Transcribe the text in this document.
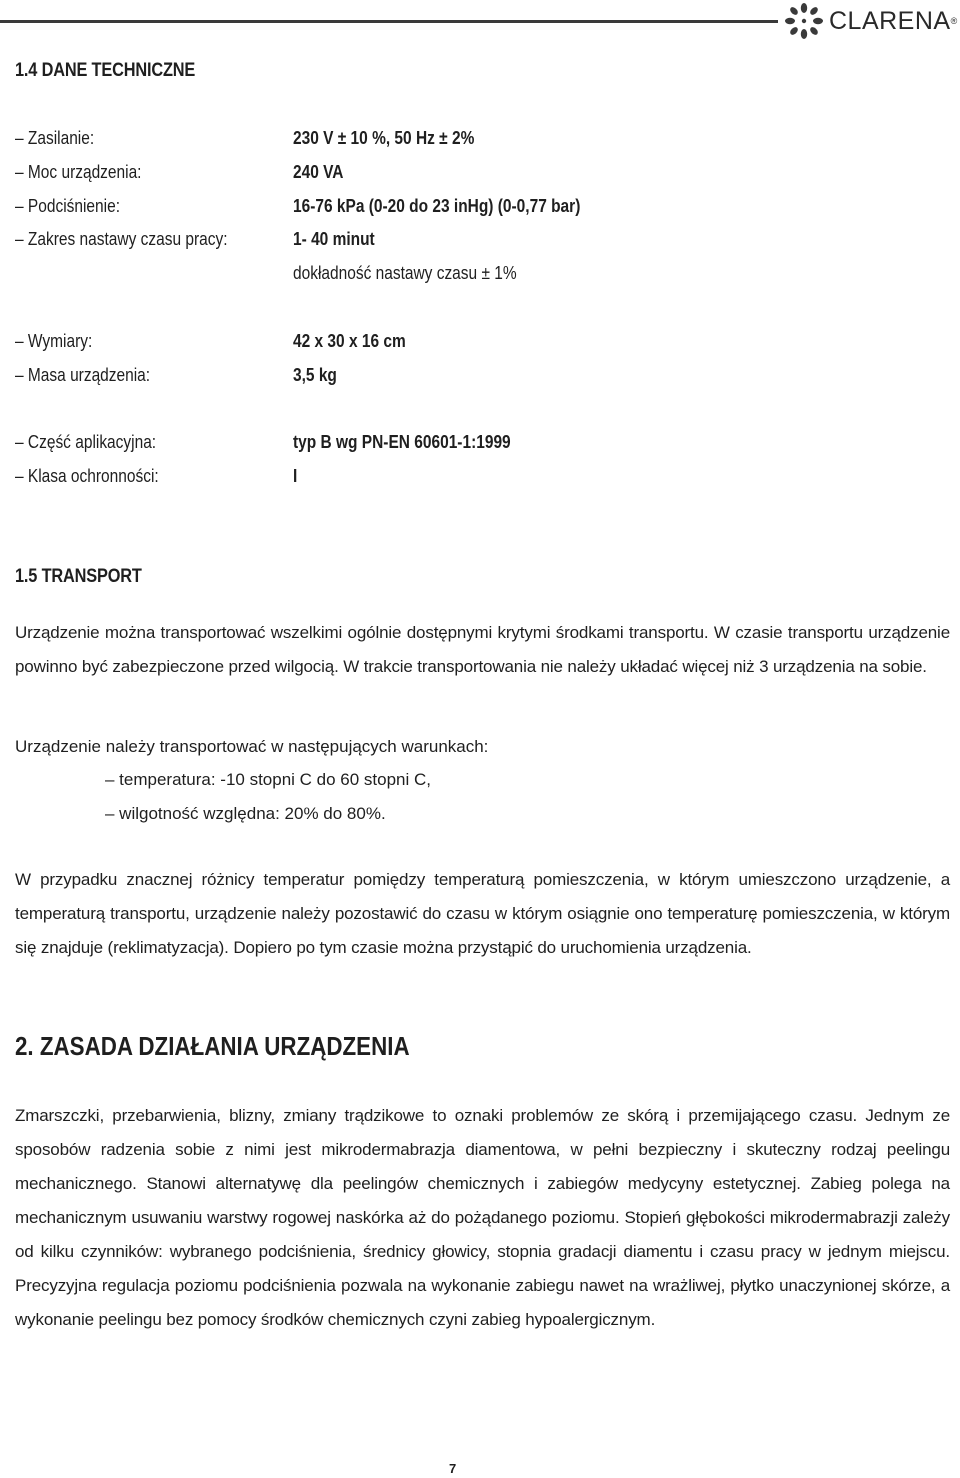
CLARENA ®
1.4 DANE TECHNICZNE
– Zasilanie:	230 V ± 10 %, 50 Hz ± 2%
– Moc urządzenia:	240 VA
– Podciśnienie:	16-76 kPa (0-20 do 23 inHg) (0-0,77 bar)
– Zakres nastawy czasu pracy:	1- 40 minut
dokładność nastawy czasu ± 1%
– Wymiary:	42 x 30 x 16 cm
– Masa urządzenia:	3,5 kg
– Część aplikacyjna:	typ B wg PN-EN 60601-1:1999
– Klasa ochronności:	I
1.5 TRANSPORT

Urządzenie można transportować wszelkimi ogólnie dostępnymi krytymi środkami transportu. W czasie transportu urządzenie powinno być zabezpieczone przed wilgocią. W trakcie transportowania nie należy układać więcej niż 3 urządzenia na sobie.

Urządzenie należy transportować w następujących warunkach:

– temperatura: -10 stopni C do 60 stopni C,
– wilgotność względna: 20% do 80%.

W przypadku znacznej różnicy temperatur pomiędzy temperaturą pomieszczenia, w którym umieszczono urządzenie, a temperaturą transportu, urządzenie należy pozostawić do czasu w którym osiągnie ono temperaturę pomieszczenia, w którym się znajduje (reklimatyzacja). Dopiero po tym czasie można przystąpić do uruchomienia urządzenia.

2. ZASADA DZIAŁANIA URZĄDZENIA

Zmarszczki, przebarwienia, blizny, zmiany trądzikowe to oznaki problemów ze skórą i przemijającego czasu. Jednym ze sposobów radzenia sobie z nimi jest mikrodermabrazja diamentowa, w pełni bezpieczny i skuteczny rodzaj peelingu mechanicznego. Stanowi alternatywę dla peelingów chemicznych i zabiegów medycyny estetycznej. Zabieg polega na mechanicznym usuwaniu warstwy rogowej naskórka aż do pożądanego poziomu. Stopień głębokości mikrodermabrazji zależy od kilku czynników: wybranego podciśnienia, średnicy głowicy, stopnia gradacji diamentu i czasu pracy w jednym miejscu. Precyzyjna regulacja poziomu podciśnienia pozwala na wykonanie zabiegu nawet na wrażliwej, płytko unaczynionej skórze, a wykonanie peelingu bez pomocy środków chemicznych czyni zabieg hypoalergicznym.

7
